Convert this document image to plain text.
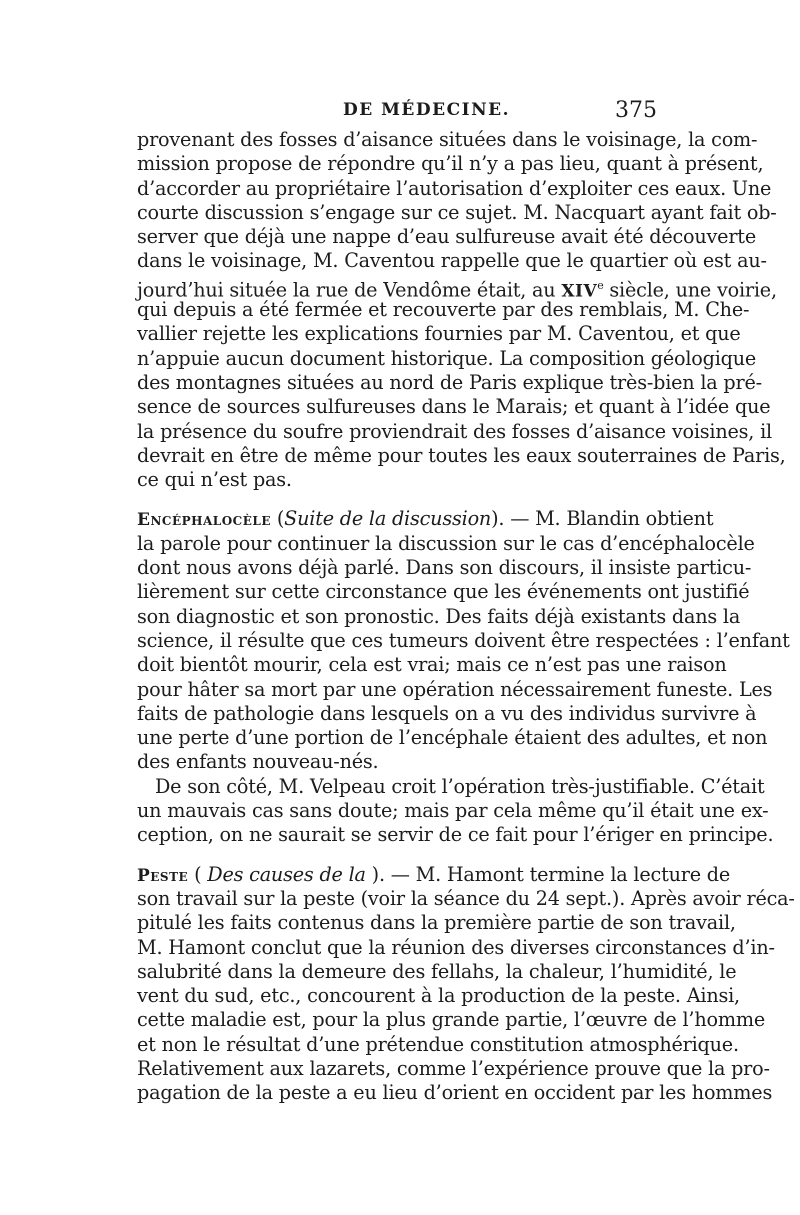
DE MÉDECINE.	375
provenant des fosses d’aisance situées dans le voisinage, la com-
mission propose de répondre qu’il n’y a pas lieu, quant à présent,
d’accorder au propriétaire l’autorisation d’exploiter ces eaux. Une
courte discussion s’engage sur ce sujet. M. Nacquart ayant fait ob-
server que déjà une nappe d’eau sulfureuse avait été découverte
dans le voisinage, M. Caventou rappelle que le quartier où est au-
jourd’hui située la rue de Vendôme était, au XIVe siècle, une voirie,
qui depuis a été fermée et recouverte par des remblais, M. Che-
vallier rejette les explications fournies par M. Caventou, et que
n’appuie aucun document historique. La composition géologique
des montagnes situées au nord de Paris explique très-bien la pré-
sence de sources sulfureuses dans le Marais; et quant à l’idée que
la présence du soufre proviendrait des fosses d’aisance voisines, il
devrait en être de même pour toutes les eaux souterraines de Paris,
ce qui n’est pas.
Encéphalocèle (Suite de la discussion). — M. Blandin obtient
la parole pour continuer la discussion sur le cas d’encéphalocèle
dont nous avons déjà parlé. Dans son discours, il insiste particu-
lièrement sur cette circonstance que les événements ont justifié
son diagnostic et son pronostic. Des faits déjà existants dans la
science, il résulte que ces tumeurs doivent être respectées : l’enfant
doit bientôt mourir, cela est vrai; mais ce n’est pas une raison
pour hâter sa mort par une opération nécessairement funeste. Les
faits de pathologie dans lesquels on a vu des individus survivre à
une perte d’une portion de l’encéphale étaient des adultes, et non
des enfants nouveau-nés.
De son côté, M. Velpeau croit l’opération très-justifiable. C’était
un mauvais cas sans doute; mais par cela même qu’il était une ex-
ception, on ne saurait se servir de ce fait pour l’ériger en principe.
Peste ( Des causes de la ). — M. Hamont termine la lecture de
son travail sur la peste (voir la séance du 24 sept.). Après avoir réca-
pitulé les faits contenus dans la première partie de son travail,
M. Hamont conclut que la réunion des diverses circonstances d’in-
salubrité dans la demeure des fellahs, la chaleur, l’humidité, le
vent du sud, etc., concourent à la production de la peste. Ainsi,
cette maladie est, pour la plus grande partie, l’œuvre de l’homme
et non le résultat d’une prétendue constitution atmosphérique.
Relativement aux lazarets, comme l’expérience prouve que la pro-
pagation de la peste a eu lieu d’orient en occident par les hommes
